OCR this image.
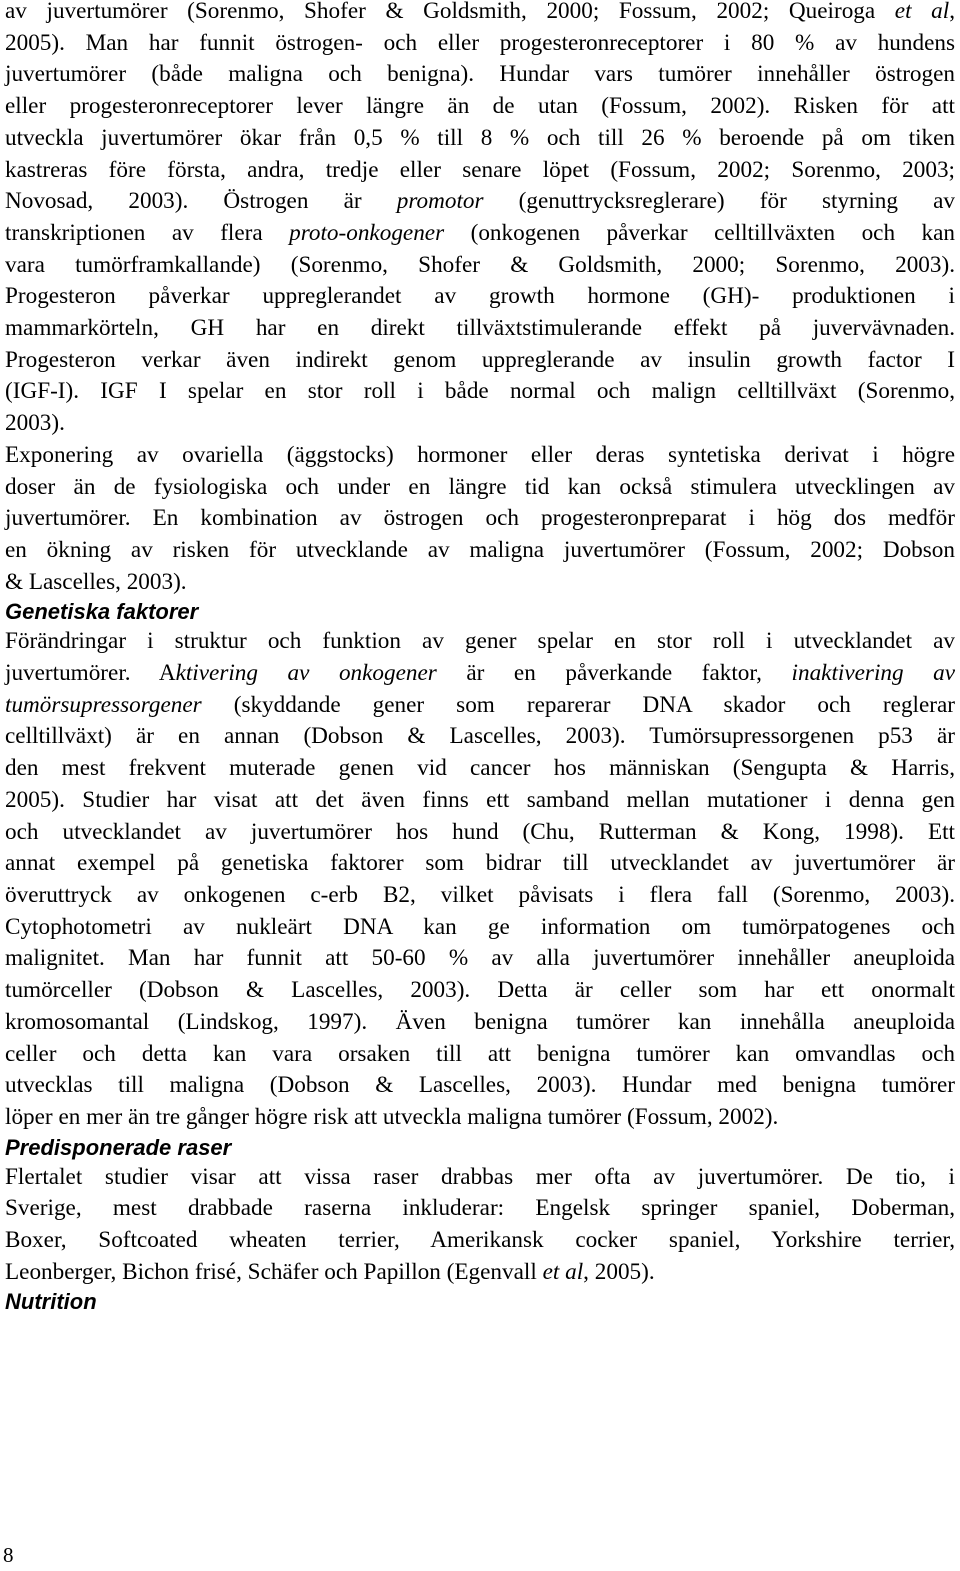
av juvertumörer (Sorenmo, Shofer & Goldsmith, 2000; Fossum, 2002; Queiroga et al,
2005). Man har funnit östrogen- och eller progesteronreceptorer i 80 % av hundens
juvertumörer (både maligna och benigna). Hundar vars tumörer innehåller östrogen
eller progesteronreceptorer lever längre än de utan (Fossum, 2002). Risken för att
utveckla juvertumörer ökar från 0,5 % till 8 % och till 26 % beroende på om tiken
kastreras före första, andra, tredje eller senare löpet (Fossum, 2002; Sorenmo, 2003;
Novosad, 2003). Östrogen är promotor (genuttrycksreglerare) för styrning av
transkriptionen av flera proto-onkogener (onkogenen påverkar celltillväxten och kan
vara tumörframkallande) (Sorenmo, Shofer & Goldsmith, 2000; Sorenmo, 2003).
Progesteron påverkar uppreglerandet av growth hormone (GH)- produktionen i
mammarkörteln, GH har en direkt tillväxtstimulerande effekt på juvervävnaden.
Progesteron verkar även indirekt genom uppreglerande av insulin growth factor I
(IGF-I). IGF I spelar en stor roll i både normal och malign celltillväxt (Sorenmo,
2003).

Exponering av ovariella (äggstocks) hormoner eller deras syntetiska derivat i högre
doser än de fysiologiska och under en längre tid kan också stimulera utvecklingen av
juvertumörer. En kombination av östrogen och progesteronpreparat i hög dos medför
en ökning av risken för utvecklande av maligna juvertumörer (Fossum, 2002; Dobson
& Lascelles, 2003).

Genetiska faktorer

Förändringar i struktur och funktion av gener spelar en stor roll i utvecklandet av
juvertumörer. Aktivering av onkogener är en påverkande faktor, inaktivering av
tumörsupressorgener (skyddande gener som reparerar DNA skador och reglerar
celltillväxt) är en annan (Dobson & Lascelles, 2003). Tumörsupressorgenen p53 är
den mest frekvent muterade genen vid cancer hos människan (Sengupta & Harris,
2005). Studier har visat att det även finns ett samband mellan mutationer i denna gen
och utvecklandet av juvertumörer hos hund (Chu, Rutterman & Kong, 1998). Ett
annat exempel på genetiska faktorer som bidrar till utvecklandet av juvertumörer är
överuttryck av onkogenen c-erb B2, vilket påvisats i flera fall (Sorenmo, 2003).
Cytophotometri av nukleärt DNA kan ge information om tumörpatogenes och
malignitet. Man har funnit att 50-60 % av alla juvertumörer innehåller aneuploida
tumörceller (Dobson & Lascelles, 2003). Detta är celler som har ett onormalt
kromosomantal (Lindskog, 1997). Även benigna tumörer kan innehålla aneuploida
celler och detta kan vara orsaken till att benigna tumörer kan omvandlas och
utvecklas till maligna (Dobson & Lascelles, 2003). Hundar med benigna tumörer
löper en mer än tre gånger högre risk att utveckla maligna tumörer (Fossum, 2002).

Predisponerade raser

Flertalet studier visar att vissa raser drabbas mer ofta av juvertumörer. De tio, i
Sverige, mest drabbade raserna inkluderar: Engelsk springer spaniel, Doberman,
Boxer, Softcoated wheaten terrier, Amerikansk cocker spaniel, Yorkshire terrier,
Leonberger, Bichon frisé, Schäfer och Papillon (Egenvall et al, 2005).

Nutrition
8
